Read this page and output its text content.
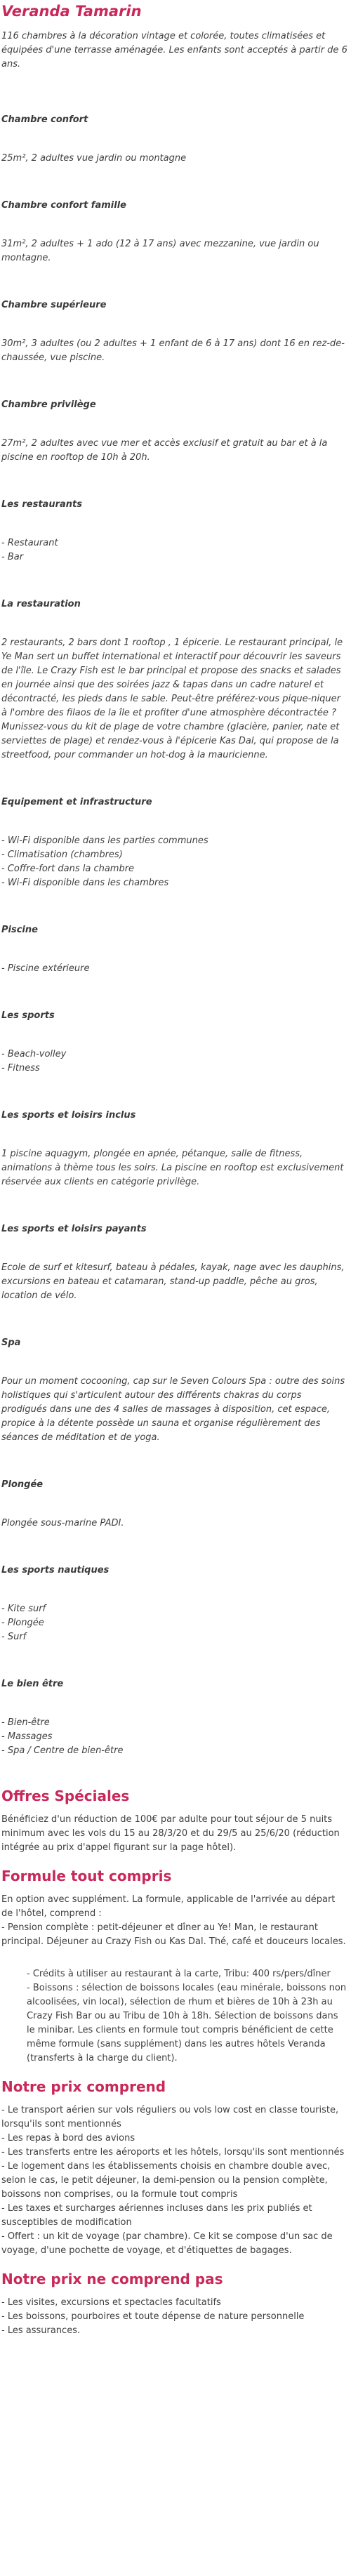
Veranda Tamarin

116 chambres à la décoration vintage et colorée, toutes climatisées et équipées d'une terrasse aménagée. Les enfants sont acceptés à partir de 6 ans.

Chambre confort
25m², 2 adultes vue jardin ou montagne
Chambre confort famille
31m², 2 adultes + 1 ado (12 à 17 ans) avec mezzanine, vue jardin ou montagne.
Chambre supérieure
30m², 3 adultes (ou 2 adultes + 1 enfant de 6 à 17 ans) dont 16 en rez-de-chaussée, vue piscine.
Chambre privilège
27m², 2 adultes avec vue mer et accès exclusif et gratuit au bar et à la piscine en rooftop de 10h à 20h.
Les restaurants
- Restaurant
- Bar
La restauration

2 restaurants, 2 bars dont 1 rooftop , 1 épicerie. Le restaurant principal, le Ye Man sert un buffet international et interactif pour découvrir les saveurs de l'île. Le Crazy Fish est le bar principal et propose des snacks et salades en journée ainsi que des soirées jazz & tapas dans un cadre naturel et décontracté, les pieds dans le sable. Peut-être préférez-vous pique-niquer à l'ombre des filaos de la île et profiter d'une atmosphère décontractée ?

Munissez-vous du kit de plage de votre chambre (glacière, panier, nate et serviettes de plage) et rendez-vous à l'épicerie Kas Dal, qui propose de la streetfood, pour commander un hot-dog à la mauricienne.

Equipement et infrastructure
- Wi-Fi disponible dans les parties communes
- Climatisation (chambres)
- Coffre-fort dans la chambre
- Wi-Fi disponible dans les chambres
Piscine
- Piscine extérieure
Les sports
- Beach-volley
- Fitness
Les sports et loisirs inclus
1 piscine aquagym, plongée en apnée, pétanque, salle de fitness, animations à thème tous les soirs. La piscine en rooftop est exclusivement réservée aux clients en catégorie privilège.
Les sports et loisirs payants
Ecole de surf et kitesurf, bateau à pédales, kayak, nage avec les dauphins, excursions en bateau et catamaran, stand-up paddle, pêche au gros, location de vélo.
Spa
Pour un moment cocooning, cap sur le Seven Colours Spa : outre des soins holistiques qui s'articulent autour des différents chakras du corps prodigués dans une des 4 salles de massages à disposition, cet espace, propice à la détente possède un sauna et organise régulièrement des séances de méditation et de yoga.
Plongée
Plongée sous-marine PADI.
Les sports nautiques
- Kite surf
- Plongée
- Surf
Le bien être
- Bien-être
- Massages
- Spa / Centre de bien-être
Offres Spéciales
Bénéficiez d'un réduction de 100€ par adulte pour tout séjour de 5 nuits minimum avec les vols du 15 au 28/3/20 et du 29/5 au 25/6/20 (réduction intégrée au prix d'appel figurant sur la page hôtel).
Formule tout compris
En option avec supplément. La formule, applicable de l'arrivée au départ de l'hôtel, comprend :
- Pension complète : petit-déjeuner et dîner au Ye! Man, le restaurant principal. Déjeuner au Crazy Fish ou Kas Dal. Thé, café et douceurs locales.
- Crédits à utiliser au restaurant à la carte, Tribu: 400 rs/pers/dîner
- Boissons : sélection de boissons locales (eau minérale, boissons non alcoolisées, vin local), sélection de rhum et bières de 10h à 23h au Crazy Fish Bar ou au Tribu de 10h à 18h. Sélection de boissons dans le minibar. Les clients en formule tout compris bénéficient de cette même formule (sans supplément) dans les autres hôtels Veranda (transferts à la charge du client).
Notre prix comprend
- Le transport aérien sur vols réguliers ou vols low cost en classe touriste, lorsqu'ils sont mentionnés
- Les repas à bord des avions
- Les transferts entre les aéroports et les hôtels, lorsqu'ils sont mentionnés
- Le logement dans les établissements choisis en chambre double avec, selon le cas, le petit déjeuner, la demi-pension ou la pension complète, boissons non comprises, ou la formule tout compris
- Les taxes et surcharges aériennes incluses dans les prix publiés et susceptibles de modification
- Offert : un kit de voyage (par chambre). Ce kit se compose d'un sac de voyage, d'une pochette de voyage, et d'étiquettes de bagages.
Notre prix ne comprend pas
- Les visites, excursions et spectacles facultatifs
- Les boissons, pourboires et toute dépense de nature personnelle
- Les assurances.
